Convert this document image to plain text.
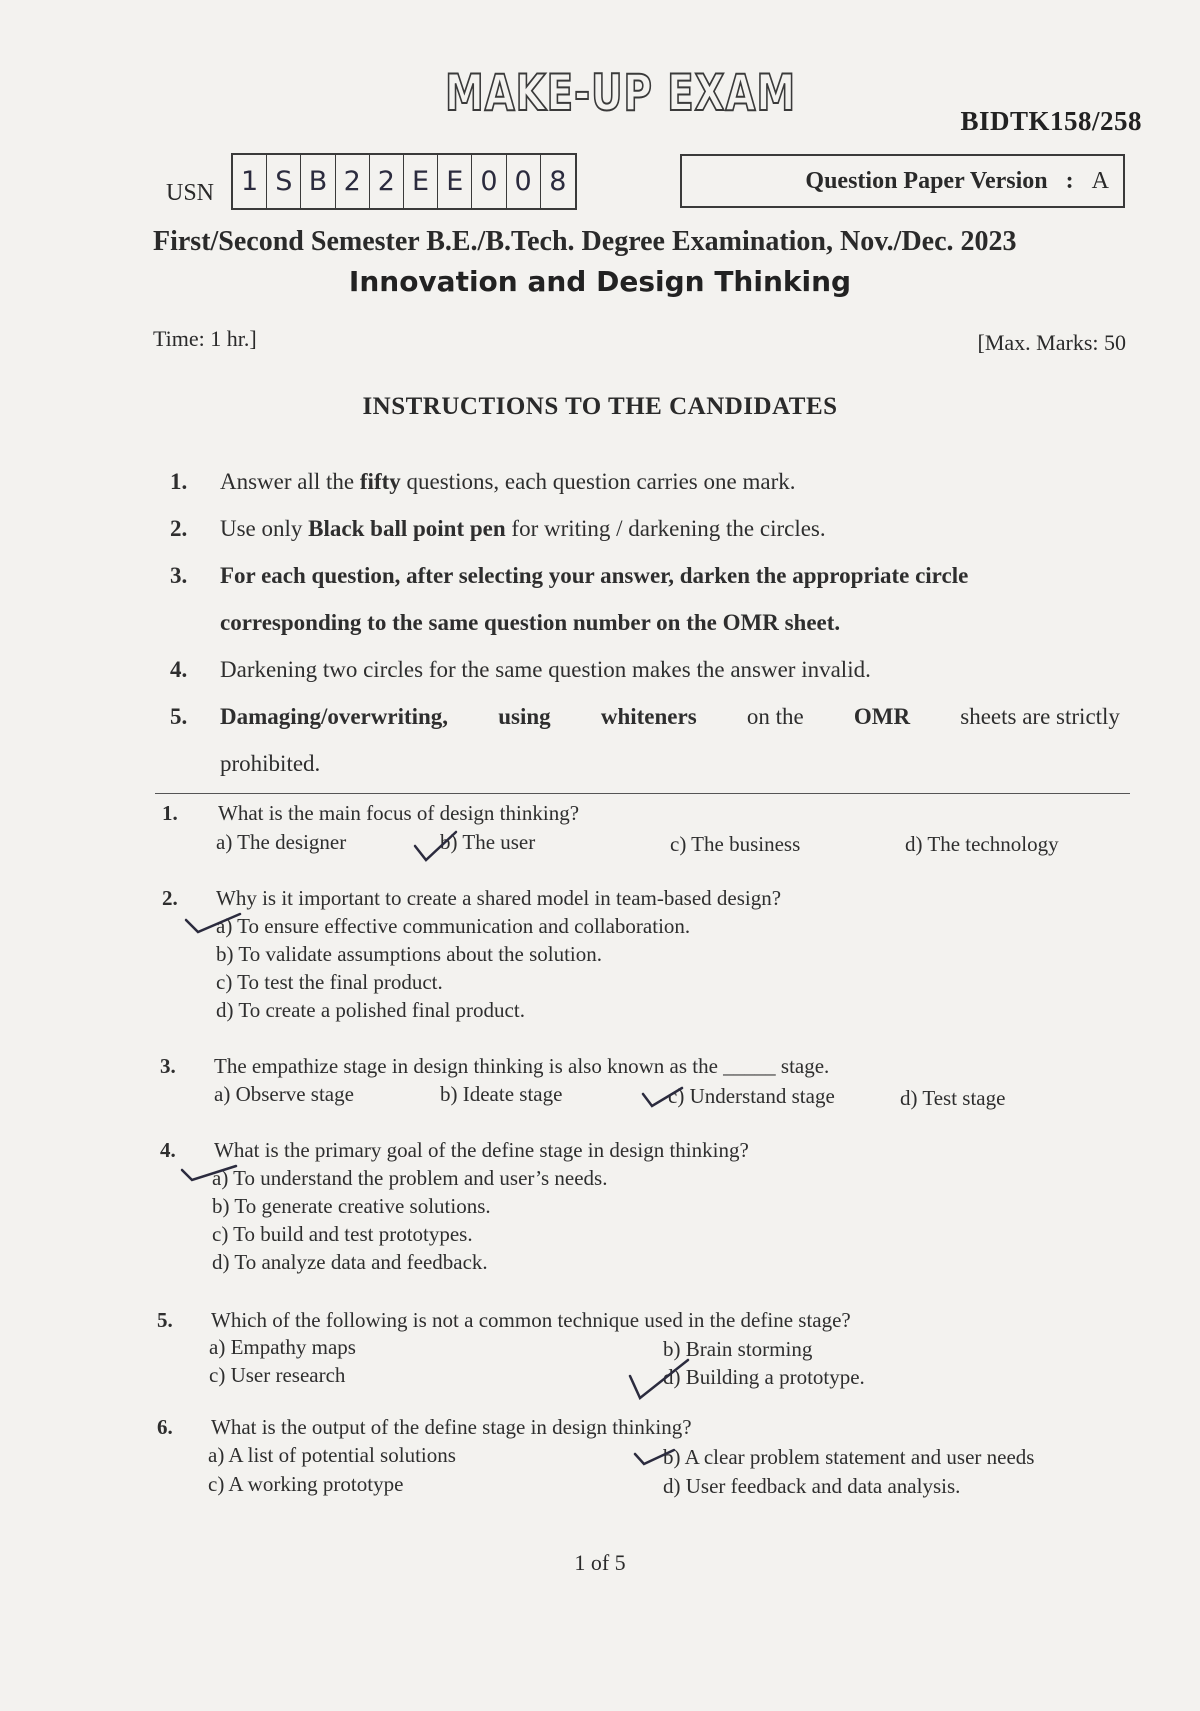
MAKE-UP EXAM	BIDTK158/258
USN 1 S B 2 2 E E 0 0 8	Question Paper Version : A
First/Second Semester B.E./B.Tech. Degree Examination, Nov./Dec. 2023
Innovation and Design Thinking
Time: 1 hr.]	[Max. Marks: 50
INSTRUCTIONS TO THE CANDIDATES
1. Answer all the fifty questions, each question carries one mark.
2. Use only Black ball point pen for writing / darkening the circles.
3. For each question, after selecting your answer, darken the appropriate circle
corresponding to the same question number on the OMR sheet.
4. Darkening two circles for the same question makes the answer invalid.
5. Damaging/overwriting, using whiteners on the OMR sheets are strictly
prohibited.
1. What is the main focus of design thinking?
a) The designer	b) The user	c) The business	d) The technology
2. Why is it important to create a shared model in team-based design?
a) To ensure effective communication and collaboration.
b) To validate assumptions about the solution.
c) To test the final product.
d) To create a polished final product.
3. The empathize stage in design thinking is also known as the _____ stage.
a) Observe stage	b) Ideate stage	c) Understand stage	d) Test stage
4. What is the primary goal of the define stage in design thinking?
a) To understand the problem and user’s needs.
b) To generate creative solutions.
c) To build and test prototypes.
d) To analyze data and feedback.
5. Which of the following is not a common technique used in the define stage?
a) Empathy maps	b) Brain storming
c) User research	d) Building a prototype.
6. What is the output of the define stage in design thinking?
a) A list of potential solutions	b) A clear problem statement and user needs
c) A working prototype	d) User feedback and data analysis.
1 of 5
